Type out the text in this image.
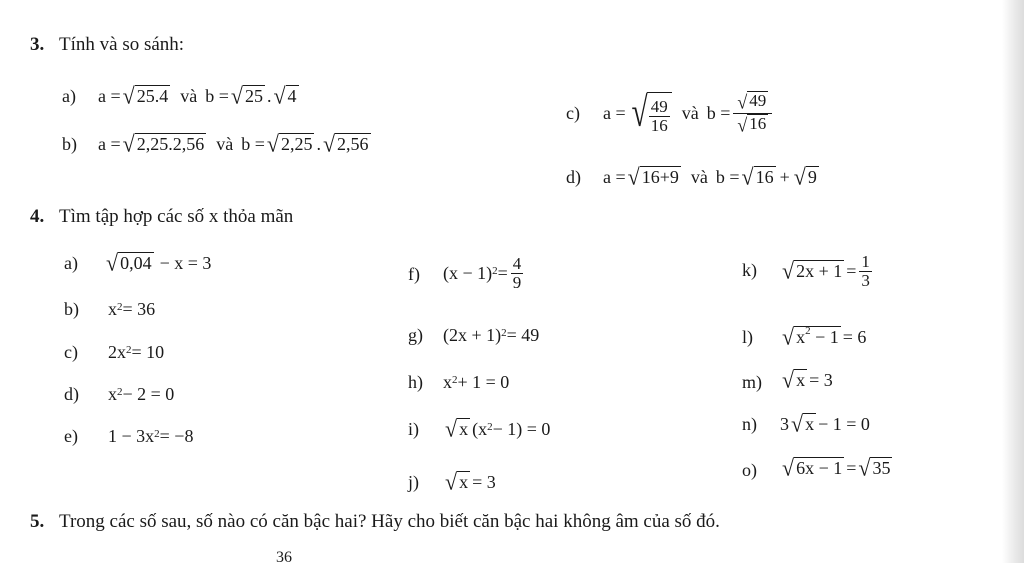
3. Tính và so sánh:
a) a = √ 25.4 và b = √ 25 . √ 4
b) a = √ 2,25.2,56 và b = √ 2,25 . √ 2,56
c) a = √ $\frac{49}{16}$ và $b = \frac{√ 49}{√ 16}$
d) a = √ 16+9 và b = √ 16 + √ 9
4. Tìm tập hợp các số x thỏa mãn
a) √ 0,04 − x = 3
b) $x^2 = 36$
c) $2x^2 = 10$
d) $x^2 - 2 = 0$
e) $1 - 3x^2 = -8$
f) $(x - 1)^2 = \frac{4}{9}$
g) $(2x + 1)^2 = 49$
h) $x^2 + 1 = 0$
i) √ x $(x^2 - 1) = 0$
j) √ x = 3
k) √ $2x + 1 = \frac{1}{3}$
l) √ $x^2 - 1 = 6$
m) √ x = 3
n) 3 √ x − 1 = 0
o) √ 6x − 1 = √ 35
5. Trong các số sau, số nào có căn bậc hai? Hãy cho biết căn bậc hai không âm của số đó.
36
